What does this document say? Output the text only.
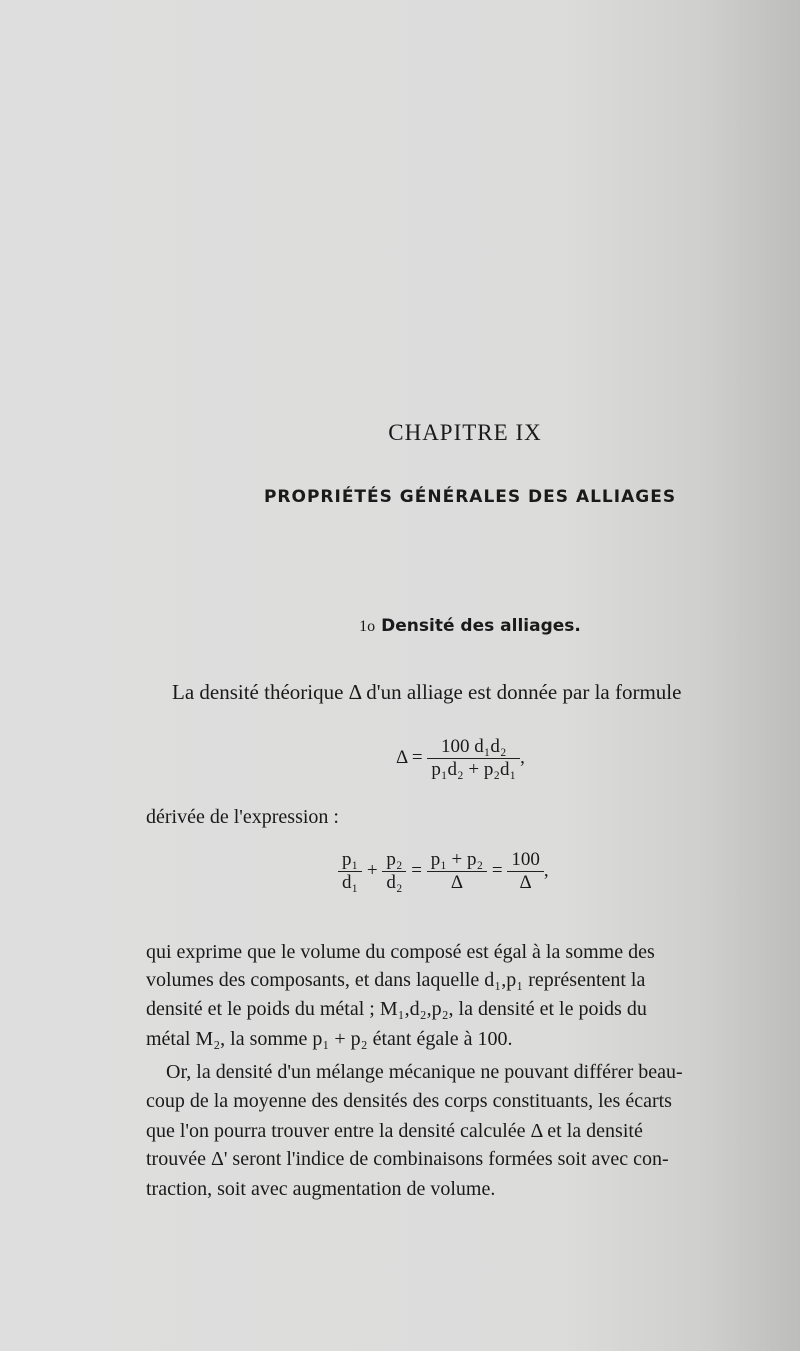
CHAPITRE IX
PROPRIÉTÉS GÉNÉRALES DES ALLIAGES
1o Densité des alliages.
La densité théorique Δ d'un alliage est donnée par la formule
$\Delta = \frac{\text{100 d₁d₂}}{\text{p₁d₂ + p₂d₁}}$ ,
dérivée de l'expression :
$\frac{\text{p₁}}{\text{d₁}} + \frac{\text{p₂}}{\text{d₂}} = \frac{\text{p₁ + p₂}}{\Delta} = \frac{100}{\Delta}$ ,
qui exprime que le volume du composé est égal à la somme des
volumes des composants, et dans laquelle d₁,p₁ représentent la
densité et le poids du métal ; M₁,d₂,p₂, la densité et le poids du
métal M₂, la somme p₁ + p₂ étant égale à 100.
Or, la densité d'un mélange mécanique ne pouvant différer beau-
coup de la moyenne des densités des corps constituants, les écarts
que l'on pourra trouver entre la densité calculée Δ et la densité
trouvée Δ' seront l'indice de combinaisons formées soit avec con-
traction, soit avec augmentation de volume.
